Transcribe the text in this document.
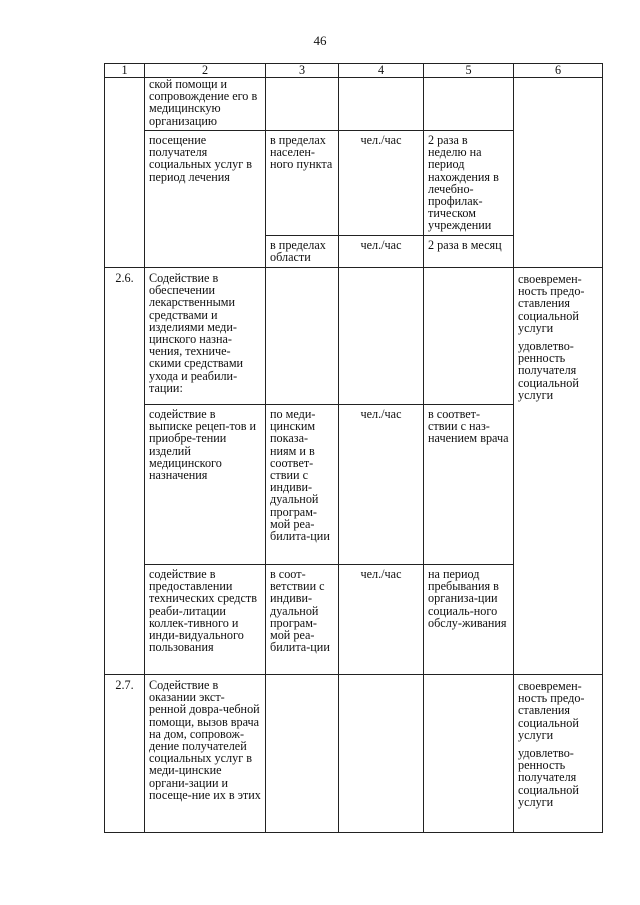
46
1	2	3	4	5	6
	ской помощи и сопровождение его в медицинскую организацию				
	посещение получателя социальных услуг в период лечения	в пределах населен-ного пункта	чел./час	2 раза в неделю на период нахождения в лечебно-профилак-тическом учреждении	
		в пределах области	чел./час	2 раза в месяц	
2.6.	Содействие в обеспечении лекарственными средствами и изделиями меди-цинского назна-чения, техниче-скими средствами ухода и реабили-тации:				своевремен-ность предо-ставления социальной услуги
удовлетво-ренность получателя социальной услуги

	содействие в выписке рецеп-тов и приобре-тении изделий медицинского назначения	по меди-цинским показа-ниям и в соответ-ствии с индиви-дуальной програм-мой реа-билита-ции	чел./час	в соответ-ствии с наз-начением врача	
	содействие в предоставлении технических средств реаби-литации коллек-тивного и инди-видуального пользования	в соот-ветствии с индиви-дуальной програм-мой реа-билита-ции	чел./час	на период пребывания в организа-ции социаль-ного обслу-живания	
2.7.	Содействие в оказании экст-ренной довра-чебной помощи, вызов врача на дом, сопровож-дение получателей социальных услуг в меди-цинские органи-зации и посеще-ние их в этих				своевремен-ность предо-ставления социальной услуги
удовлетво-ренность получателя социальной услуги
